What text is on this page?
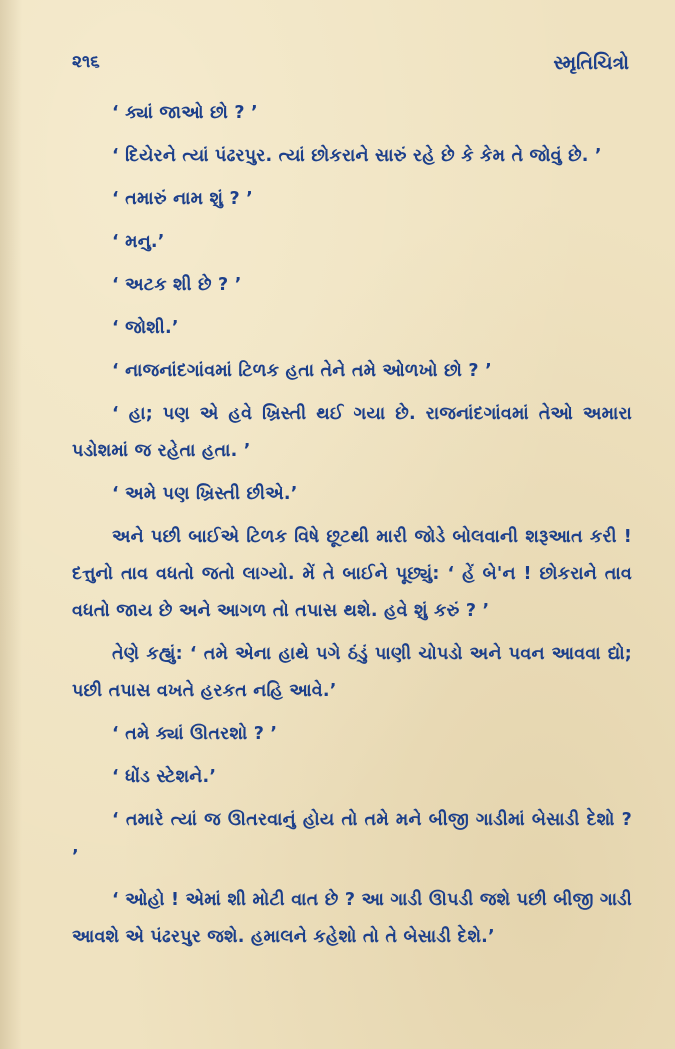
૨૧૬	સ્મૃતિચિત્રો

‘ ક્યાં જાઓ છો ? ’

‘ દિયેરને ત્યાં પંઢરપુર. ત્યાં છોકરાને સારું રહે છે કે કેમ તે જોવું છે. ’

‘ તમારું નામ શું ? ’

‘ મનુ.’

‘ અટક શી છે ? ’

‘ જોશી.’

‘ નાજનાંદગાંવમાં ટિળક હતા તેને તમે ઓળખો છો ? ’

‘ હા; પણ એ હવે ખ્રિસ્તી થઈ ગયા છે. રાજનાંદગાંવમાં તેઓ અમારા પડોશમાં જ રહેતા હતા. ’

‘ અમે પણ ખ્રિસ્તી છીએ.’

અને પછી બાઈએ ટિળક વિષે છૂટથી મારી જોડે બોલવાની શરૂઆત કરી ! દત્તુનો તાવ વધતો જતો લાગ્યો. મેં તે બાઈને પૂછ્યું: ‘ હેં બે'ન ! છોકરાને તાવ વધતો જાય છે અને આગળ તો તપાસ થશે. હવે શું કરું ? ’

તેણે કહ્યું: ‘ તમે એના હાથે પગે ઠંડું પાણી ચોપડો અને પવન આવવા દ્યો; પછી તપાસ વખતે હરકત નહિ આવે.’

‘ તમે ક્યાં ઊતરશો ? ’

‘ ધોંડ સ્ટેશને.’

‘ તમારે ત્યાં જ ઊતરવાનું હોય તો તમે મને બીજી ગાડીમાં બેસાડી દેશો ? ’

‘ ઓહો ! એમાં શી મોટી વાત છે ? આ ગાડી ઊપડી જશે પછી બીજી ગાડી આવશે એ પંઢરપુર જશે. હમાલને કહેશો તો તે બેસાડી દેશે.’
